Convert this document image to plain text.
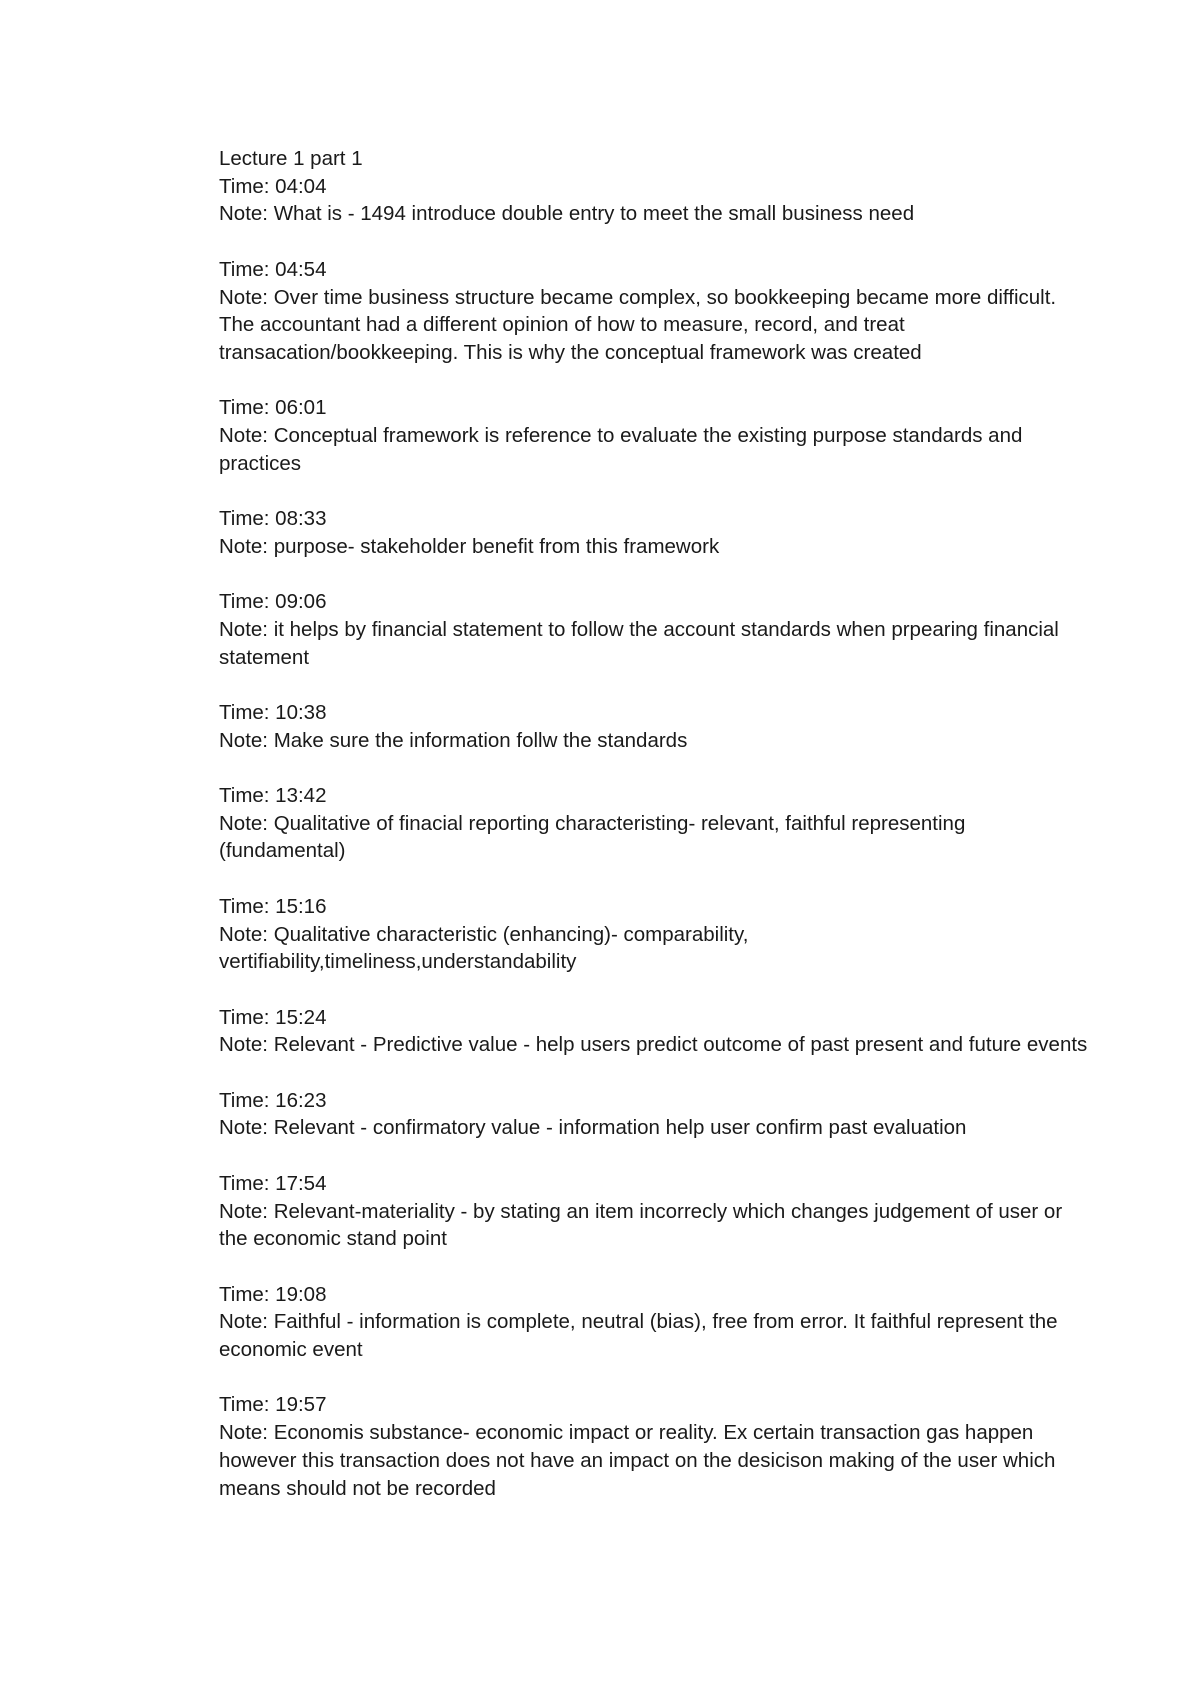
Lecture 1 part 1
Time: 04:04
Note: What is - 1494 introduce double entry to meet the small business need
Time: 04:54
Note: Over time business structure became complex, so bookkeeping became more difficult. The accountant had a different opinion of how to measure, record, and treat transacation/bookkeeping. This is why the conceptual framework was created
Time: 06:01
Note: Conceptual framework is reference to evaluate the existing purpose standards and practices
Time: 08:33
Note: purpose- stakeholder benefit from this framework
Time: 09:06
Note: it helps by financial statement to follow the account standards when prpearing financial statement
Time: 10:38
Note: Make sure the information follw the standards
Time: 13:42
Note: Qualitative of finacial reporting characteristing- relevant, faithful representing (fundamental)
Time: 15:16
Note: Qualitative characteristic (enhancing)- comparability, vertifiability,timeliness,understandability
Time: 15:24
Note: Relevant - Predictive value - help users predict outcome of past present and future events
Time: 16:23
Note: Relevant - confirmatory value - information help user confirm past evaluation
Time: 17:54
Note: Relevant-materiality - by stating an item incorrecly which changes judgement of user or the economic stand point
Time: 19:08
Note: Faithful - information is complete, neutral (bias), free from error. It faithful represent the economic event
Time: 19:57
Note: Economis substance- economic impact or reality. Ex certain transaction gas happen however this transaction does not have an impact on the desicison making of the user which means should not be recorded
